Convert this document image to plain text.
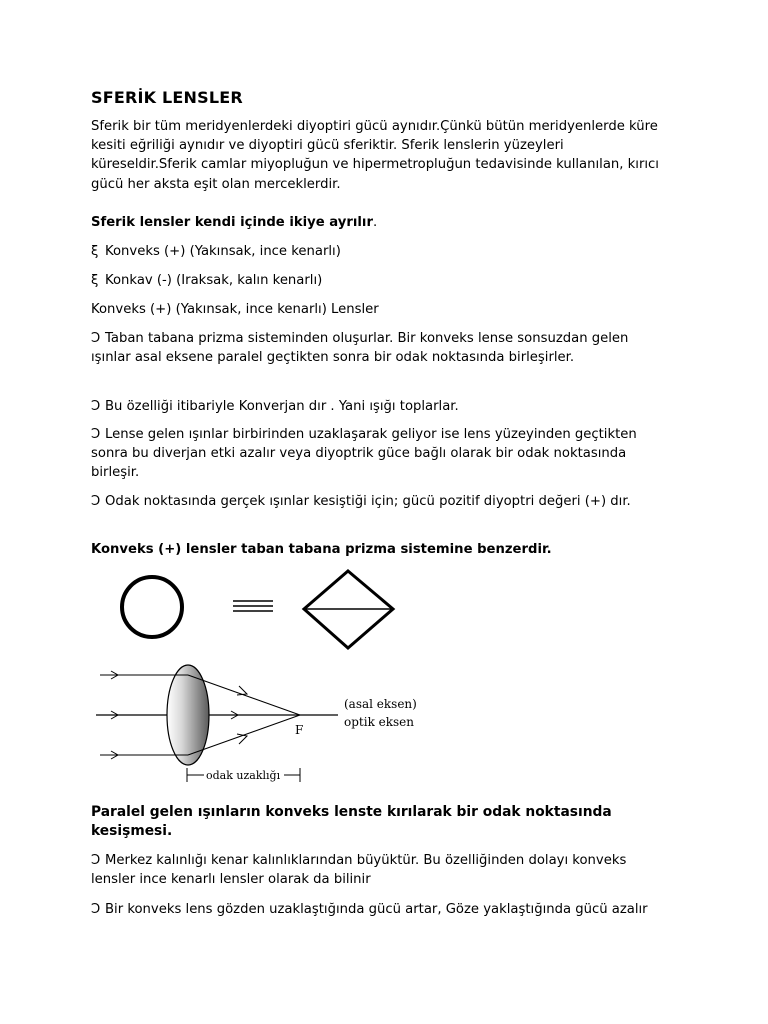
SFERİK LENSLER

Sferik bir tüm meridyenlerdeki diyoptiri gücü aynıdır.Çünkü bütün meridyenlerde küre kesiti eğriliği aynıdır ve diyoptiri gücü sferiktir. Sferik lenslerin yüzeyleri küreseldir.Sferik camlar miyopluğun ve hipermetropluğun tedavisinde kullanılan, kırıcı gücü her aksta eşit olan merceklerdir.

Sferik lensler kendi içinde ikiye ayrılır.

ξ Konveks (+) (Yakınsak, ince kenarlı)

ξ Konkav (-) (Iraksak, kalın kenarlı)

Konveks (+) (Yakınsak, ince kenarlı) Lensler

Ↄ Taban tabana prizma sisteminden oluşurlar. Bir konveks lense sonsuzdan gelen ışınlar asal eksene paralel geçtikten sonra bir odak noktasında birleşirler.

Ↄ Bu özelliği itibariyle Konverjan dır . Yani ışığı toplarlar.

Ↄ Lense gelen ışınlar birbirinden uzaklaşarak geliyor ise lens yüzeyinden geçtikten sonra bu diverjan etki azalır veya diyoptrik güce bağlı olarak bir odak noktasında birleşir.

Ↄ Odak noktasında gerçek ışınlar kesiştiği için; gücü pozitif diyoptri değeri (+) dır.

Konveks (+) lensler taban tabana prizma sistemine benzerdir.

odak uzaklığı
F
(asal eksen)
optik eksen

Paralel gelen ışınların konveks lenste kırılarak bir odak noktasında kesişmesi.

Ↄ Merkez kalınlığı kenar kalınlıklarından büyüktür. Bu özelliğinden dolayı konveks lensler ince kenarlı lensler olarak da bilinir

Ↄ Bir konveks lens gözden uzaklaştığında gücü artar, Göze yaklaştığında gücü azalır
